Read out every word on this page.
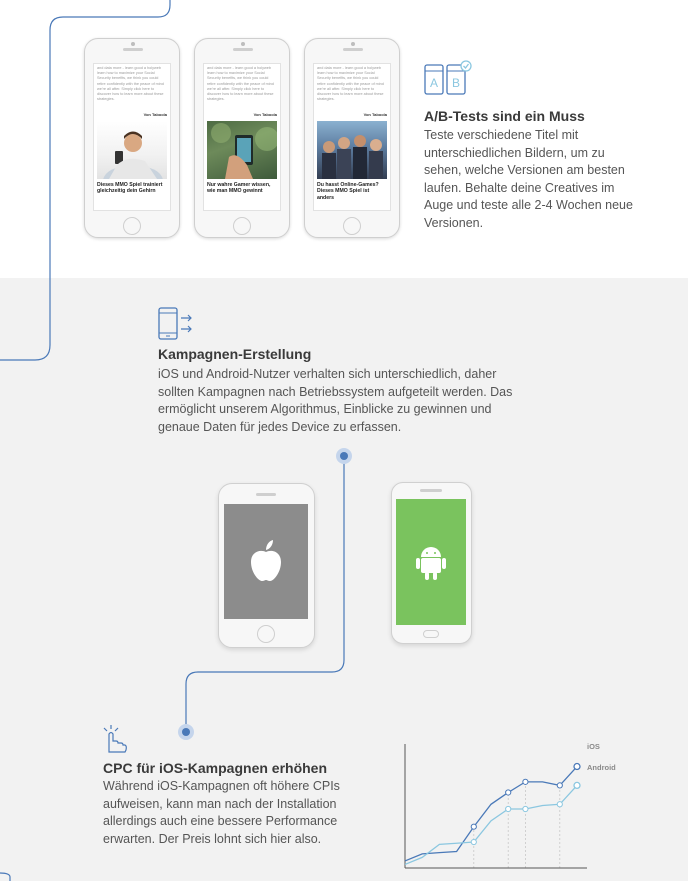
and data more - learn good a holyweb learn how to maximize your Social Security benefits, we think you could retire confidently with the peace of mind we're all after. Simply click here to discover how to learn more about these strategies.
Von Taboola
Dieses MMO Spiel trainiert gleichzeitig dein Gehirn
and data more - learn good a holyweb learn how to maximize your Social Security benefits, we think you could retire confidently with the peace of mind we're all after. Simply click here to discover how to learn more about these strategies.
Von Taboola
Nur wahre Gamer wissen, wie man MMO gewinnt
and data more - learn good a holyweb learn how to maximize your Social Security benefits, we think you could retire confidently with the peace of mind we're all after. Simply click here to discover how to learn more about these strategies.
Von Taboola
Du hasst Online-Games? Dieses MMO Spiel ist anders
A B
A/B-Tests sind ein Muss
Teste verschiedene Titel mit unterschiedlichen Bildern, um zu sehen, welche Versionen am besten laufen. Behalte deine Creatives im Auge und teste alle 2-4 Wochen neue Versionen.
Kampagnen-Erstellung
iOS und Android-Nutzer verhalten sich unterschiedlich, daher sollten Kampagnen nach Betriebssystem aufgeteilt werden. Das ermöglicht unserem Algorithmus, Einblicke zu gewinnen und genaue Daten für jedes Device zu erfassen.
CPC für iOS-Kampagnen erhöhen
Während iOS-Kampagnen oft höhere CPIs aufweisen, kann man nach der Installation allerdings auch eine bessere Performance erwarten. Der Preis lohnt sich hier also.
iOS
Android
